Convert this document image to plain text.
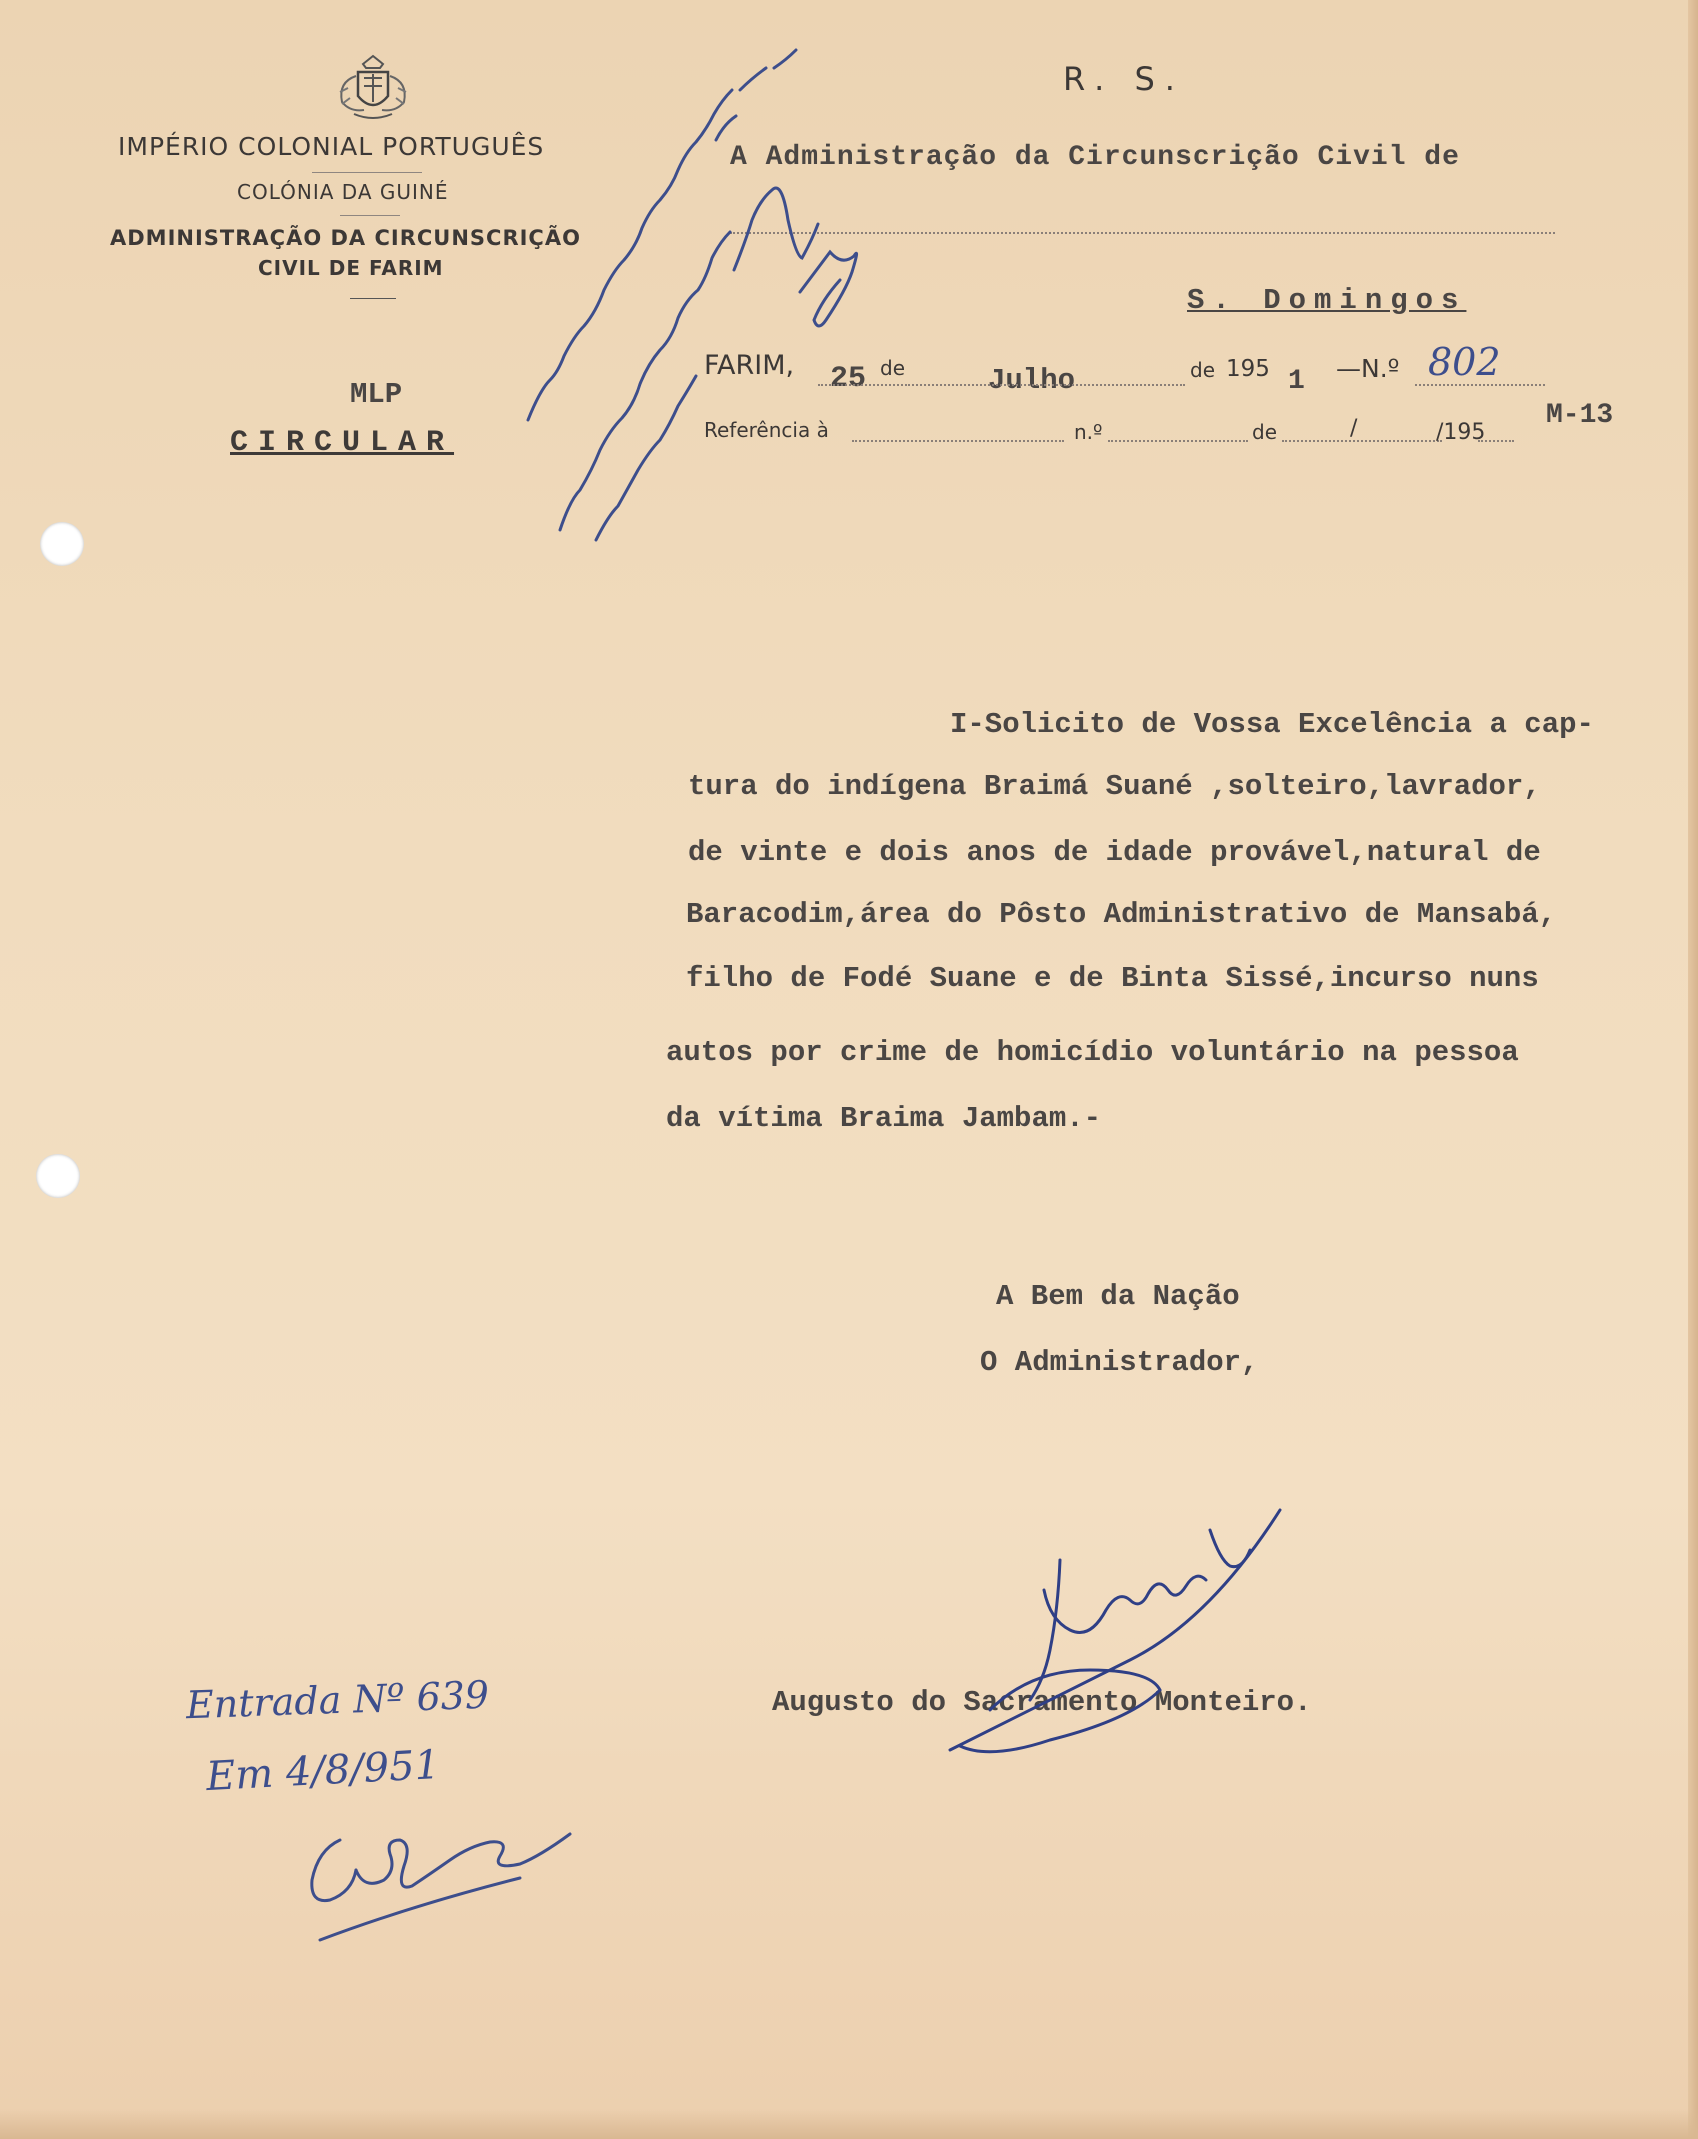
IMPÉRIO COLONIAL PORTUGUÊS
COLÓNIA DA GUINÉ
ADMINISTRAÇÃO DA CIRCUNSCRIÇÃO
CIVIL DE FARIM
MLP
CIRCULAR
R. S.
A Administração da Circunscrição Civil de
S. Domingos
FARIM, 25 de	Julho	de 195 1 —N.º 802
Referência à	n.º	de	/	/195
M-13
I-Solicito de Vossa Excelência a cap-
tura do indígena Braimá Suané ,solteiro,lavrador,
de vinte e dois anos de idade provável,natural de
Baracodim,área do Pôsto Administrativo de Mansabá,
filho de Fodé Suane e de Binta Sissé,incurso nuns
autos por crime de homicídio voluntário na pessoa
da vítima Braima Jambam.-
A Bem da Nação
O Administrador,
Augusto do Sacramento Monteiro.
Entrada Nº 639
Em 4/8/951
